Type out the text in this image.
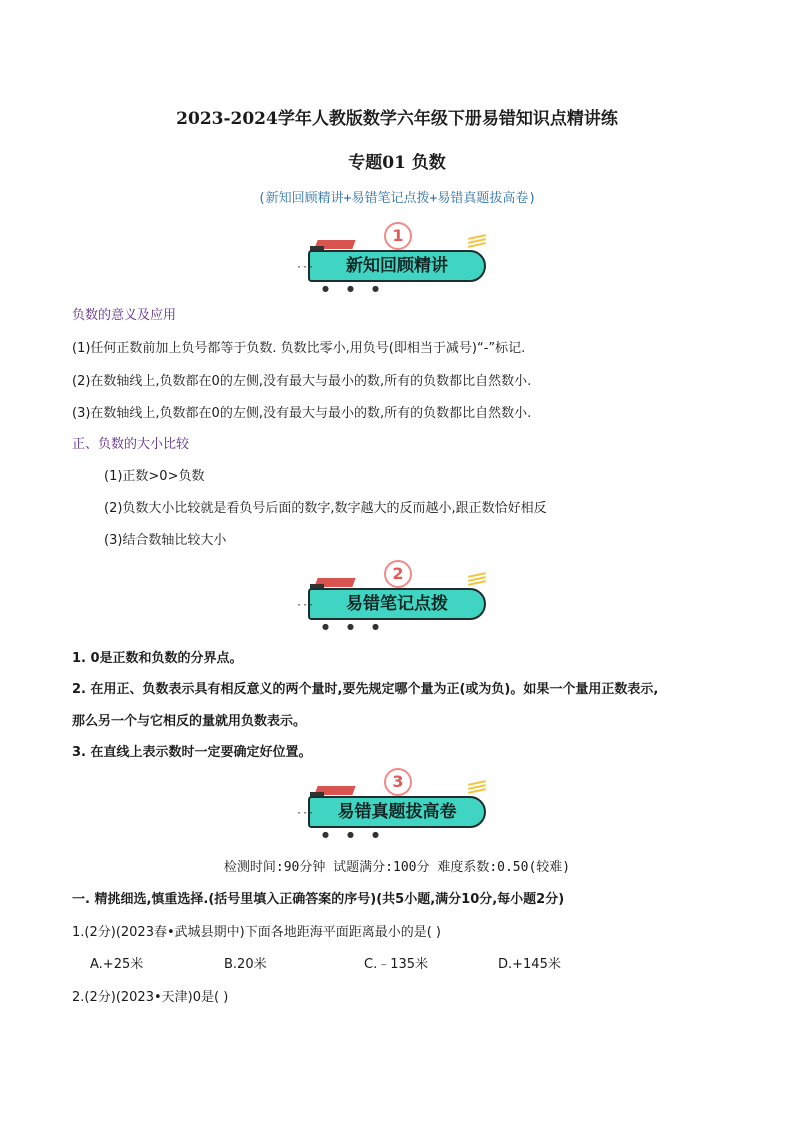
2023-2024学年人教版数学六年级下册易错知识点精讲练
专题01 负数
(新知回顾精讲+易错笔记点拨+易错真题拔高卷)
新知回顾精讲
1
···
●●●
负数的意义及应用
(1)任何正数前加上负号都等于负数. 负数比零小,用负号(即相当于减号)“-”标记.
(2)在数轴线上,负数都在0的左侧,没有最大与最小的数,所有的负数都比自然数小.
(3)在数轴线上,负数都在0的左侧,没有最大与最小的数,所有的负数都比自然数小.
正、负数的大小比较
(1)正数>0>负数
(2)负数大小比较就是看负号后面的数字,数字越大的反而越小,跟正数恰好相反
(3)结合数轴比较大小
易错笔记点拨
2
···
●●●
1. 0是正数和负数的分界点。
2. 在用正、负数表示具有相反意义的两个量时,要先规定哪个量为正(或为负)。如果一个量用正数表示,
那么另一个与它相反的量就用负数表示。
3. 在直线上表示数时一定要确定好位置。
易错真题拔高卷
3
···
●●●
检测时间:90分钟 试题满分:100分 难度系数:0.50(较难)
一. 精挑细选,慎重选择.(括号里填入正确答案的序号)(共5小题,满分10分,每小题2分)
1.(2分)(2023春•武城县期中)下面各地距海平面距离最小的是( )
A.+25米	B.20米	C.﹣135米	D.+145米
2.(2分)(2023•天津)0是( )
